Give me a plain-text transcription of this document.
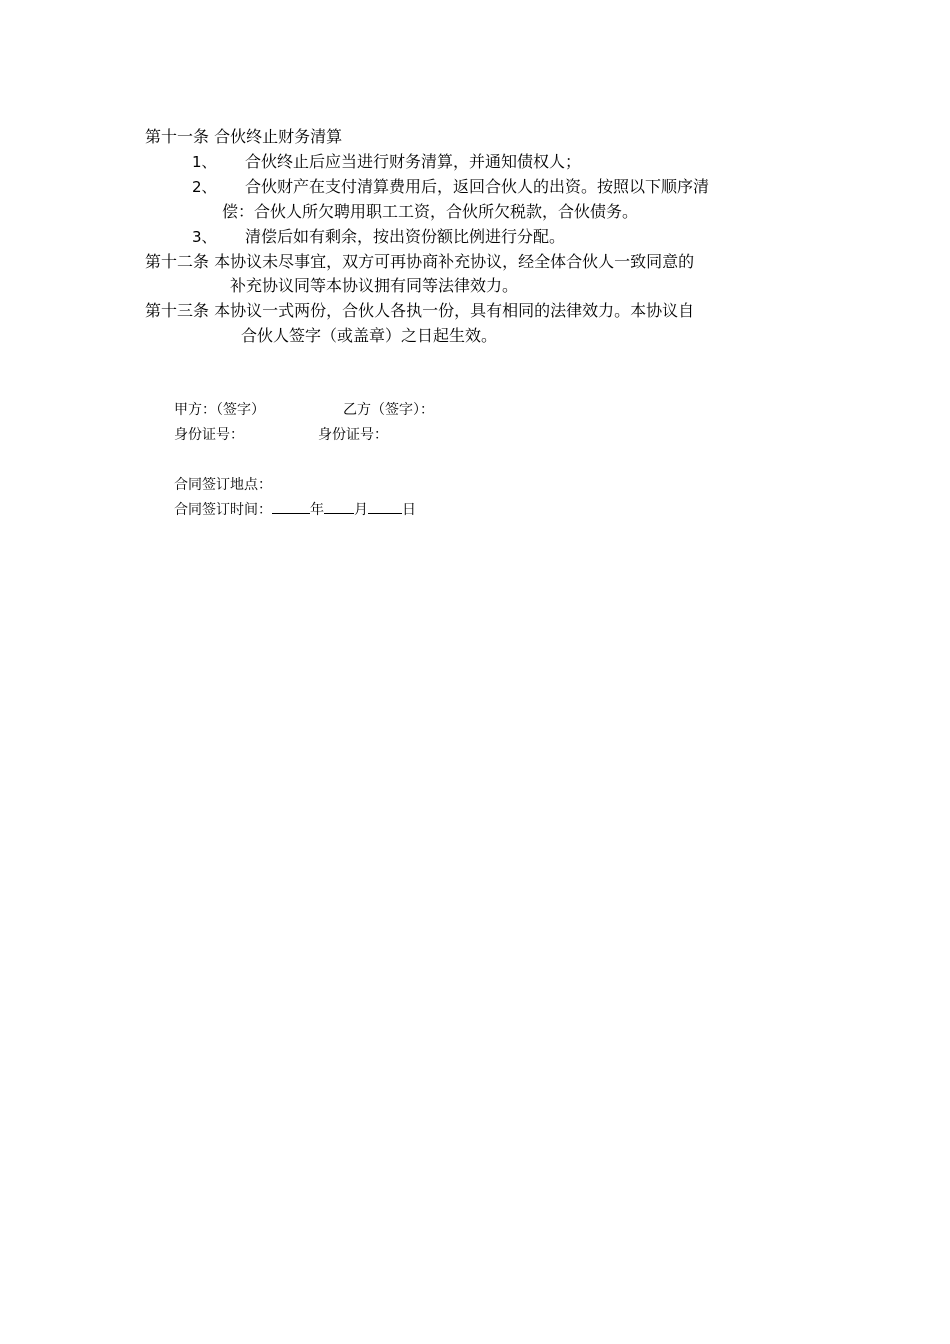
第十一条 合伙终止财务清算
1、 合伙终止后应当进行财务清算，并通知债权人；
2、 合伙财产在支付清算费用后，返回合伙人的出资。按照以下顺序清
偿：合伙人所欠聘用职工工资，合伙所欠税款，合伙债务。
3、 清偿后如有剩余，按出资份额比例进行分配。
第十二条 本协议未尽事宜，双方可再协商补充协议，经全体合伙人一致同意的
补充协议同等本协议拥有同等法律效力。
第十三条 本协议一式两份，合伙人各执一份，具有相同的法律效力。本协议自
合伙人签字（或盖章）之日起生效。
甲方：（签字）	乙方（签字）：
身份证号：	身份证号：
合同签订地点：
合同签订时间：	年 月 日
